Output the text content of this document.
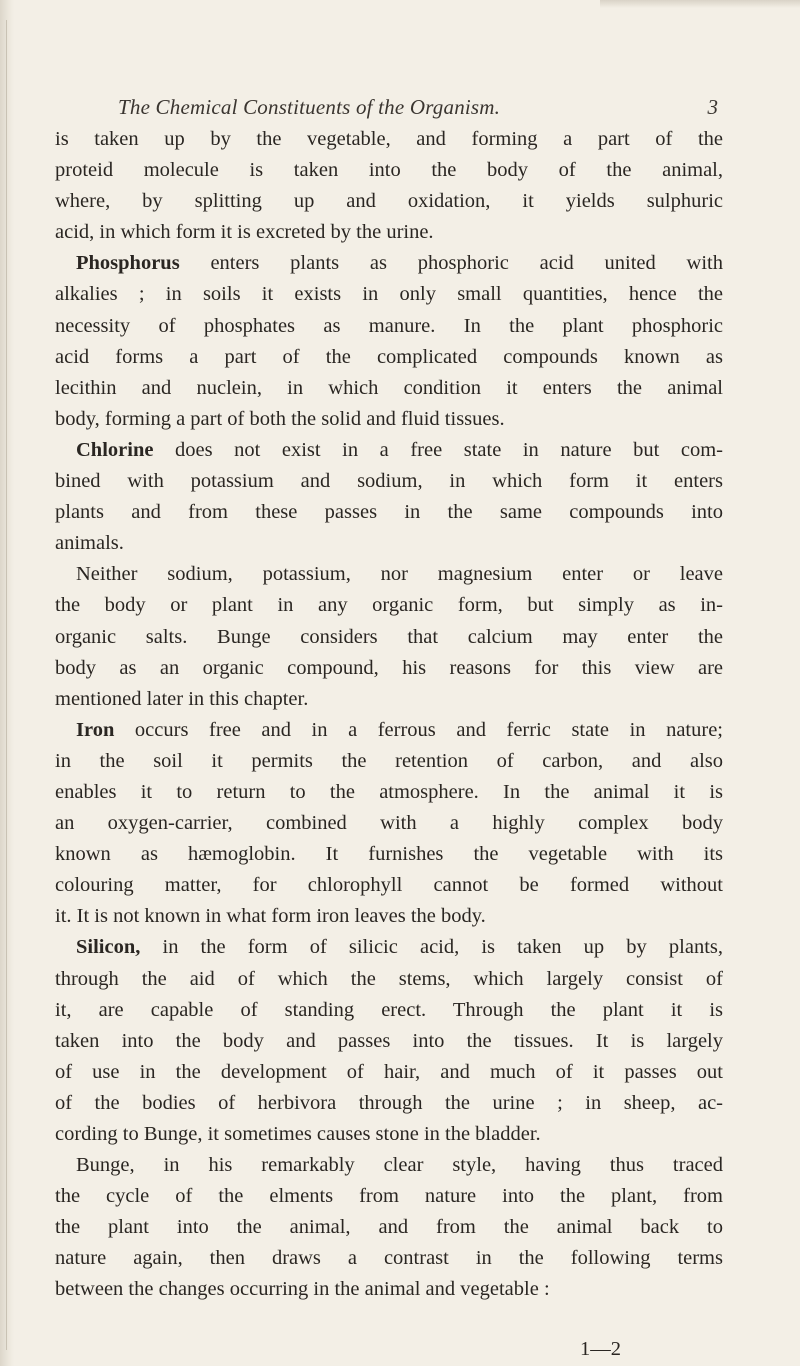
The Chemical Constituents of the Organism.	3
is taken up by the vegetable, and forming a part of the
proteid molecule is taken into the body of the animal,
where, by splitting up and oxidation, it yields sulphuric
acid, in which form it is excreted by the urine.
Phosphorus enters plants as phosphoric acid united with
alkalies ; in soils it exists in only small quantities, hence the
necessity of phosphates as manure. In the plant phosphoric
acid forms a part of the complicated compounds known as
lecithin and nuclein, in which condition it enters the animal
body, forming a part of both the solid and fluid tissues.
Chlorine does not exist in a free state in nature but com-
bined with potassium and sodium, in which form it enters
plants and from these passes in the same compounds into
animals.
Neither sodium, potassium, nor magnesium enter or leave
the body or plant in any organic form, but simply as in-
organic salts. Bunge considers that calcium may enter the
body as an organic compound, his reasons for this view are
mentioned later in this chapter.
Iron occurs free and in a ferrous and ferric state in nature;
in the soil it permits the retention of carbon, and also
enables it to return to the atmosphere. In the animal it is
an oxygen-carrier, combined with a highly complex body
known as hæmoglobin. It furnishes the vegetable with its
colouring matter, for chlorophyll cannot be formed without
it. It is not known in what form iron leaves the body.
Silicon, in the form of silicic acid, is taken up by plants,
through the aid of which the stems, which largely consist of
it, are capable of standing erect. Through the plant it is
taken into the body and passes into the tissues. It is largely
of use in the development of hair, and much of it passes out
of the bodies of herbivora through the urine ; in sheep, ac-
cording to Bunge, it sometimes causes stone in the bladder.
Bunge, in his remarkably clear style, having thus traced
the cycle of the elments from nature into the plant, from
the plant into the animal, and from the animal back to
nature again, then draws a contrast in the following terms
between the changes occurring in the animal and vegetable :
1—2
